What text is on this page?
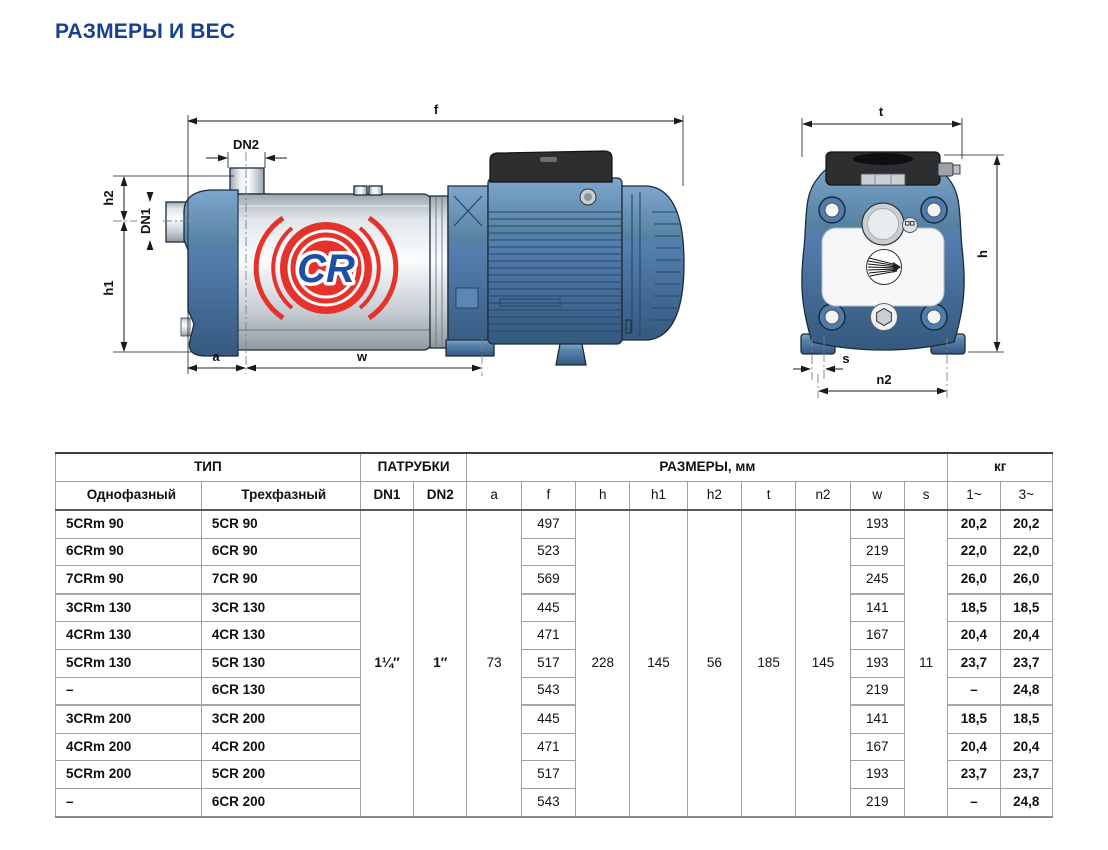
РАЗМЕРЫ И ВЕС
CR
f
DN2
h2
DN1
h1
a	w
t
h
s
n2
ТИП		ПАТРУБКИ		РАЗМЕРЫ, мм									кг	
Однофазный	Трехфазный	DN1	DN2	a	f	h	h1	h2	t	n2	w	s	1~	3~
5CRm 90	5CR 90	1¼″	1″	73	497	228	145	56	185	145	193	11	20,2	20,2
6CRm 90	6CR 90				523						219		22,0	22,0
7CRm 90	7CR 90				569						245		26,0	26,0
3CRm 130	3CR 130				445						141		18,5	18,5
4CRm 130	4CR 130				471						167		20,4	20,4
5CRm 130	5CR 130				517						193		23,7	23,7
–	6CR 130				543						219		–	24,8
3CRm 200	3CR 200				445						141		18,5	18,5
4CRm 200	4CR 200				471						167		20,4	20,4
5CRm 200	5CR 200				517						193		23,7	23,7
–	6CR 200				543						219		–	24,8
